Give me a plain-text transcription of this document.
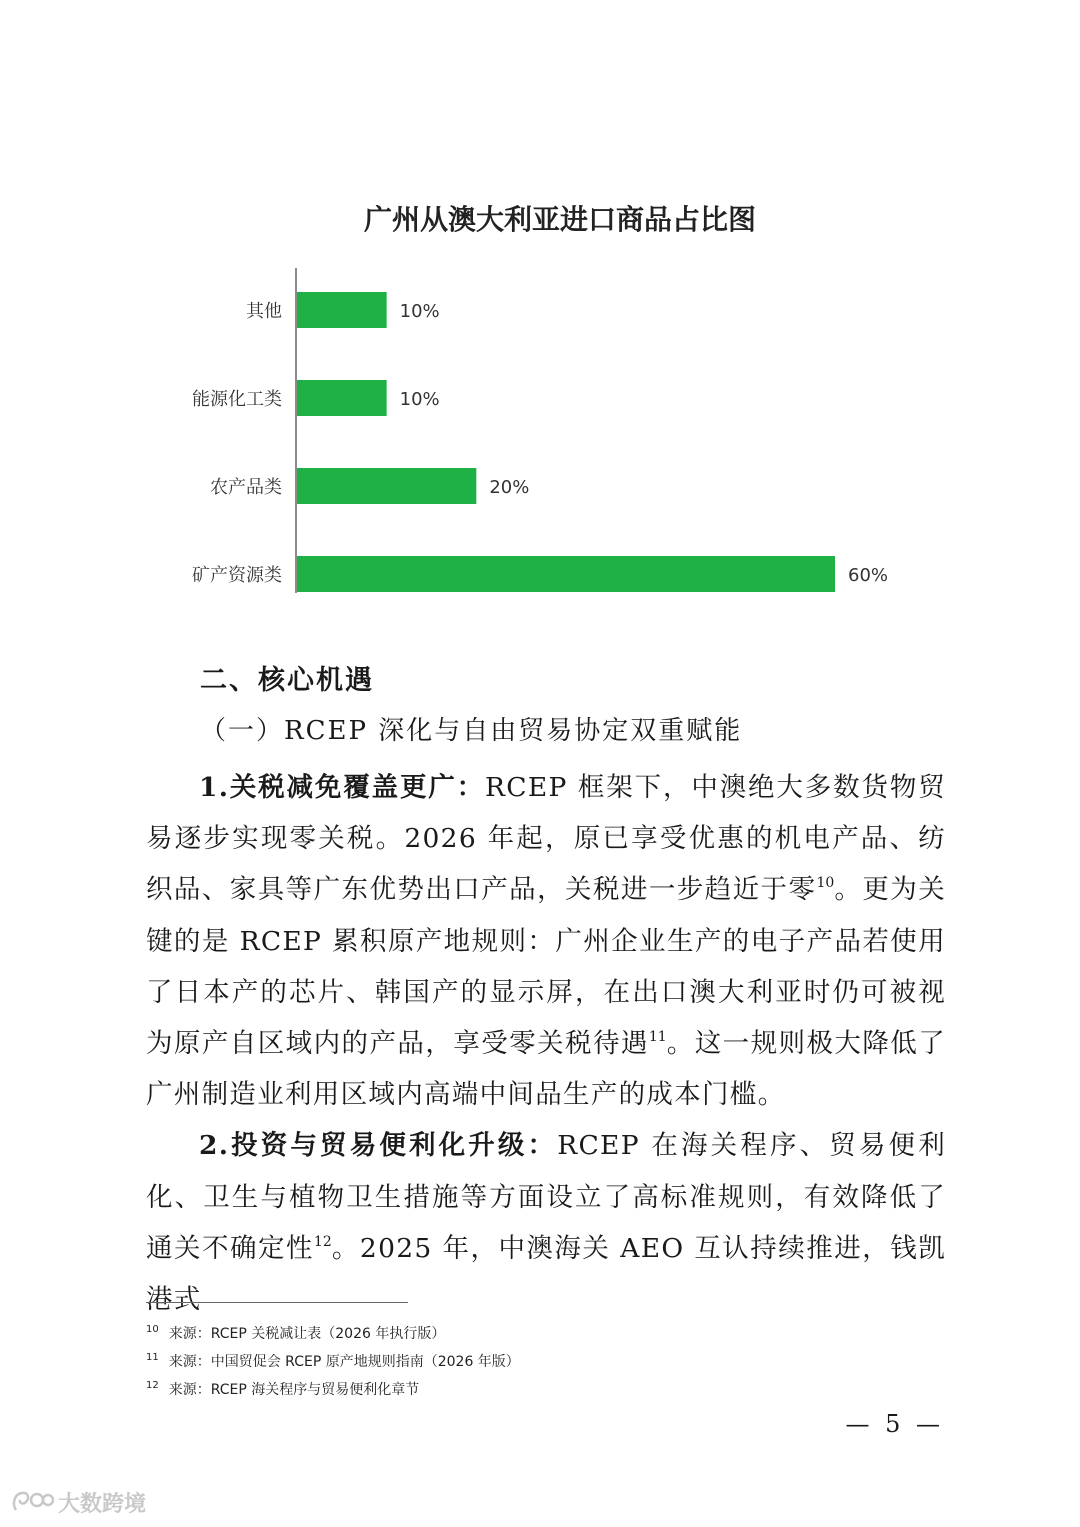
广州从澳大利亚进口商品占比图
其他	10%
能源化工类	10%
农产品类	20%
矿产资源类	60%
二、核心机遇
（一）RCEP 深化与自由贸易协定双重赋能

1.关税减免覆盖更广：RCEP 框架下，中澳绝大多数货物贸易逐步实现零关税。2026 年起，原已享受优惠的机电产品、纺织品、家具等广东优势出口产品，关税进一步趋近于零$^{10}$。更为关键的是 RCEP 累积原产地规则：广州企业生产的电子产品若使用了日本产的芯片、韩国产的显示屏，在出口澳大利亚时仍可被视为原产自区域内的产品，享受零关税待遇$^{11}$。这一规则极大降低了广州制造业利用区域内高端中间品生产的成本门槛。

2.投资与贸易便利化升级：RCEP 在海关程序、贸易便利化、卫生与植物卫生措施等方面设立了高标准规则，有效降低了通关不确定性$^{12}$。2025 年，中澳海关 AEO 互认持续推进，钱凯港式

$^{10}$ 来源：RCEP 关税减让表（2026 年执行版）
$^{11}$ 来源：中国贸促会 RCEP 原产地规则指南（2026 年版）
$^{12}$ 来源：RCEP 海关程序与贸易便利化章节
— 5 —
大数跨境
